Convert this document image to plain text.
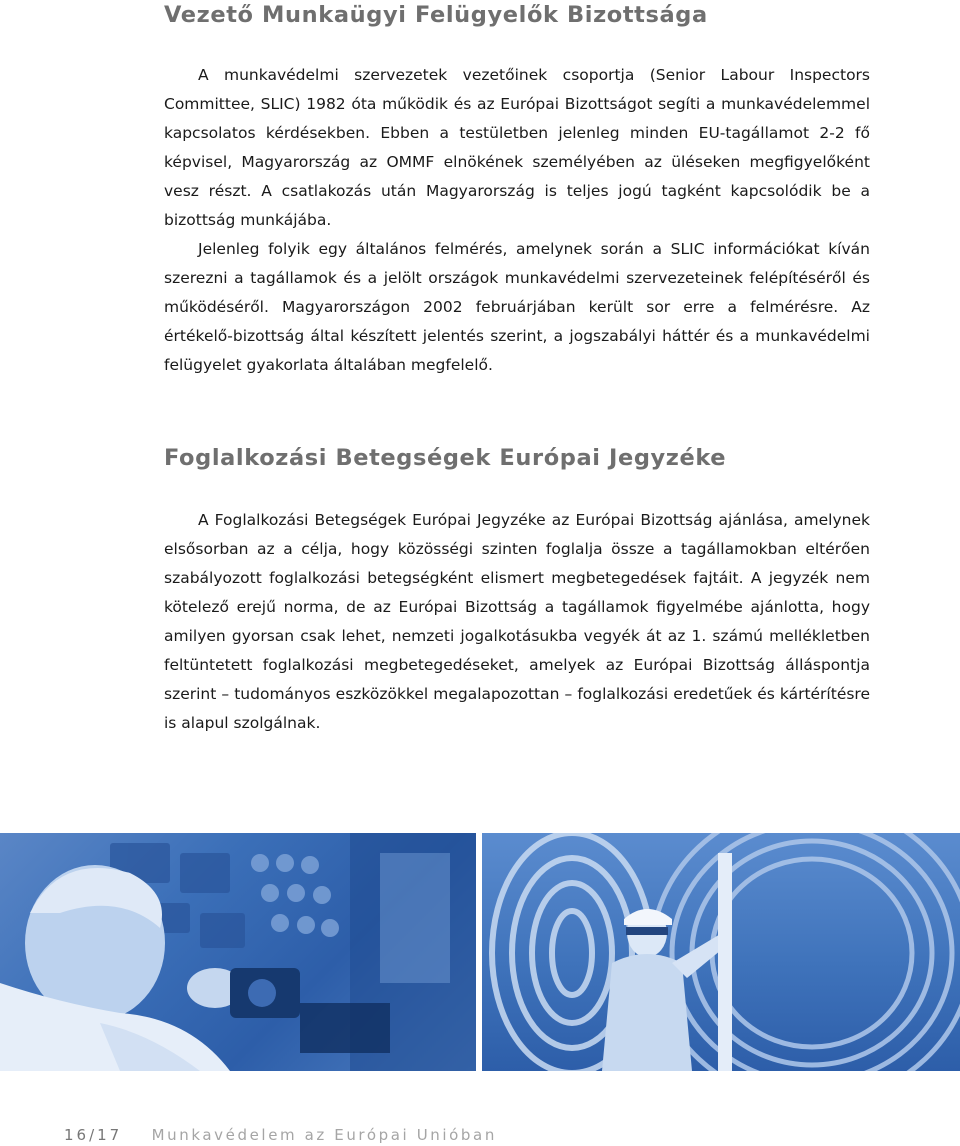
Vezető Munkaügyi Felügyelők Bizottsága

A munkavédelmi szervezetek vezetőinek csoportja (Senior Labour Inspectors Committee, SLIC) 1982 óta működik és az Európai Bizottságot segíti a munkavédelemmel kapcsolatos kérdésekben. Ebben a testületben jelenleg minden EU-tagállamot 2-2 fő képvisel, Magyarország az OMMF elnökének személyében az üléseken megfigyelőként vesz részt. A csatlakozás után Magyarország is teljes jogú tagként kapcsolódik be a bizottság munkájába.

Jelenleg folyik egy általános felmérés, amelynek során a SLIC információkat kíván szerezni a tagállamok és a jelölt országok munkavédelmi szervezeteinek felépítéséről és működéséről. Magyarországon 2002 februárjában került sor erre a felmérésre. Az értékelő-bizottság által készített jelentés szerint, a jogszabályi háttér és a munkavédelmi felügyelet gyakorlata általában megfelelő.

Foglalkozási Betegségek Európai Jegyzéke

A Foglalkozási Betegségek Európai Jegyzéke az Európai Bizottság ajánlása, amelynek elsősorban az a célja, hogy közösségi szinten foglalja össze a tagállamokban eltérően szabályozott foglalkozási betegségként elismert megbetegedések fajtáit. A jegyzék nem kötelező erejű norma, de az Európai Bizottság a tagállamok figyelmébe ajánlotta, hogy amilyen gyorsan csak lehet, nemzeti jogalkotásukba vegyék át az 1. számú mellékletben feltüntetett foglalkozási megbetegedéseket, amelyek az Európai Bizottság álláspontja szerint – tudományos eszközökkel megalapozottan – foglalkozási eredetűek és kártérítésre is alapul szolgálnak.

16/17 Munkavédelem az Európai Unióban
